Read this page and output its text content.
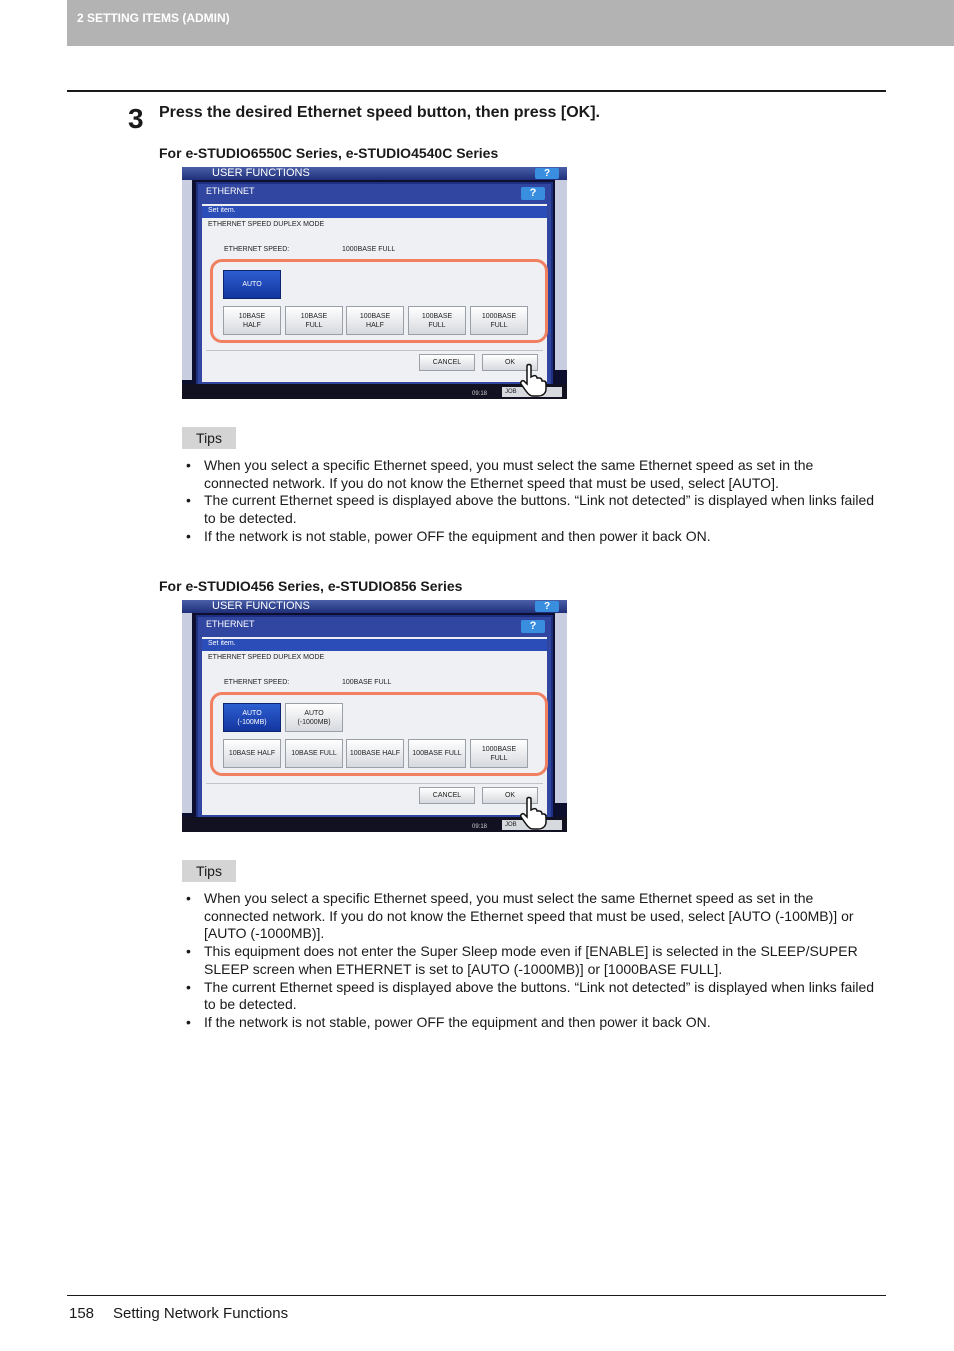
2 SETTING ITEMS (ADMIN)
3 Press the desired Ethernet speed button, then press [OK].
For e-STUDIO6550C Series, e-STUDIO4540C Series
USER FUNCTIONS	?
ETHERNET	?
Set item.
ETHERNET SPEED DUPLEX MODE
ETHERNET SPEED:	1000BASE FULL
AUTO
10BASE
HALF
10BASE
FULL
100BASE
HALF
100BASE
FULL
1000BASE
FULL
CANCEL	OK
09:18	JOB
Tips
• When you select a specific Ethernet speed, you must select the same Ethernet speed as set in the connected network. If you do not know the Ethernet speed that must be used, select [AUTO].
• The current Ethernet speed is displayed above the buttons. “Link not detected” is displayed when links failed to be detected.
• If the network is not stable, power OFF the equipment and then power it back ON.
For e-STUDIO456 Series, e-STUDIO856 Series
USER FUNCTIONS	?
ETHERNET	?
Set item.
ETHERNET SPEED DUPLEX MODE
ETHERNET SPEED:	100BASE FULL
AUTO
(-100MB)
AUTO
(-1000MB)
10BASE HALF	10BASE FULL	100BASE HALF	100BASE FULL
1000BASE
FULL
CANCEL	OK
09:18	JOB
Tips
• When you select a specific Ethernet speed, you must select the same Ethernet speed as set in the connected network. If you do not know the Ethernet speed that must be used, select [AUTO (-100MB)] or [AUTO (-1000MB)].
• This equipment does not enter the Super Sleep mode even if [ENABLE] is selected in the SLEEP/SUPER SLEEP screen when ETHERNET is set to [AUTO (-1000MB)] or [1000BASE FULL].
• The current Ethernet speed is displayed above the buttons. “Link not detected” is displayed when links failed to be detected.
• If the network is not stable, power OFF the equipment and then power it back ON.
158 Setting Network Functions
